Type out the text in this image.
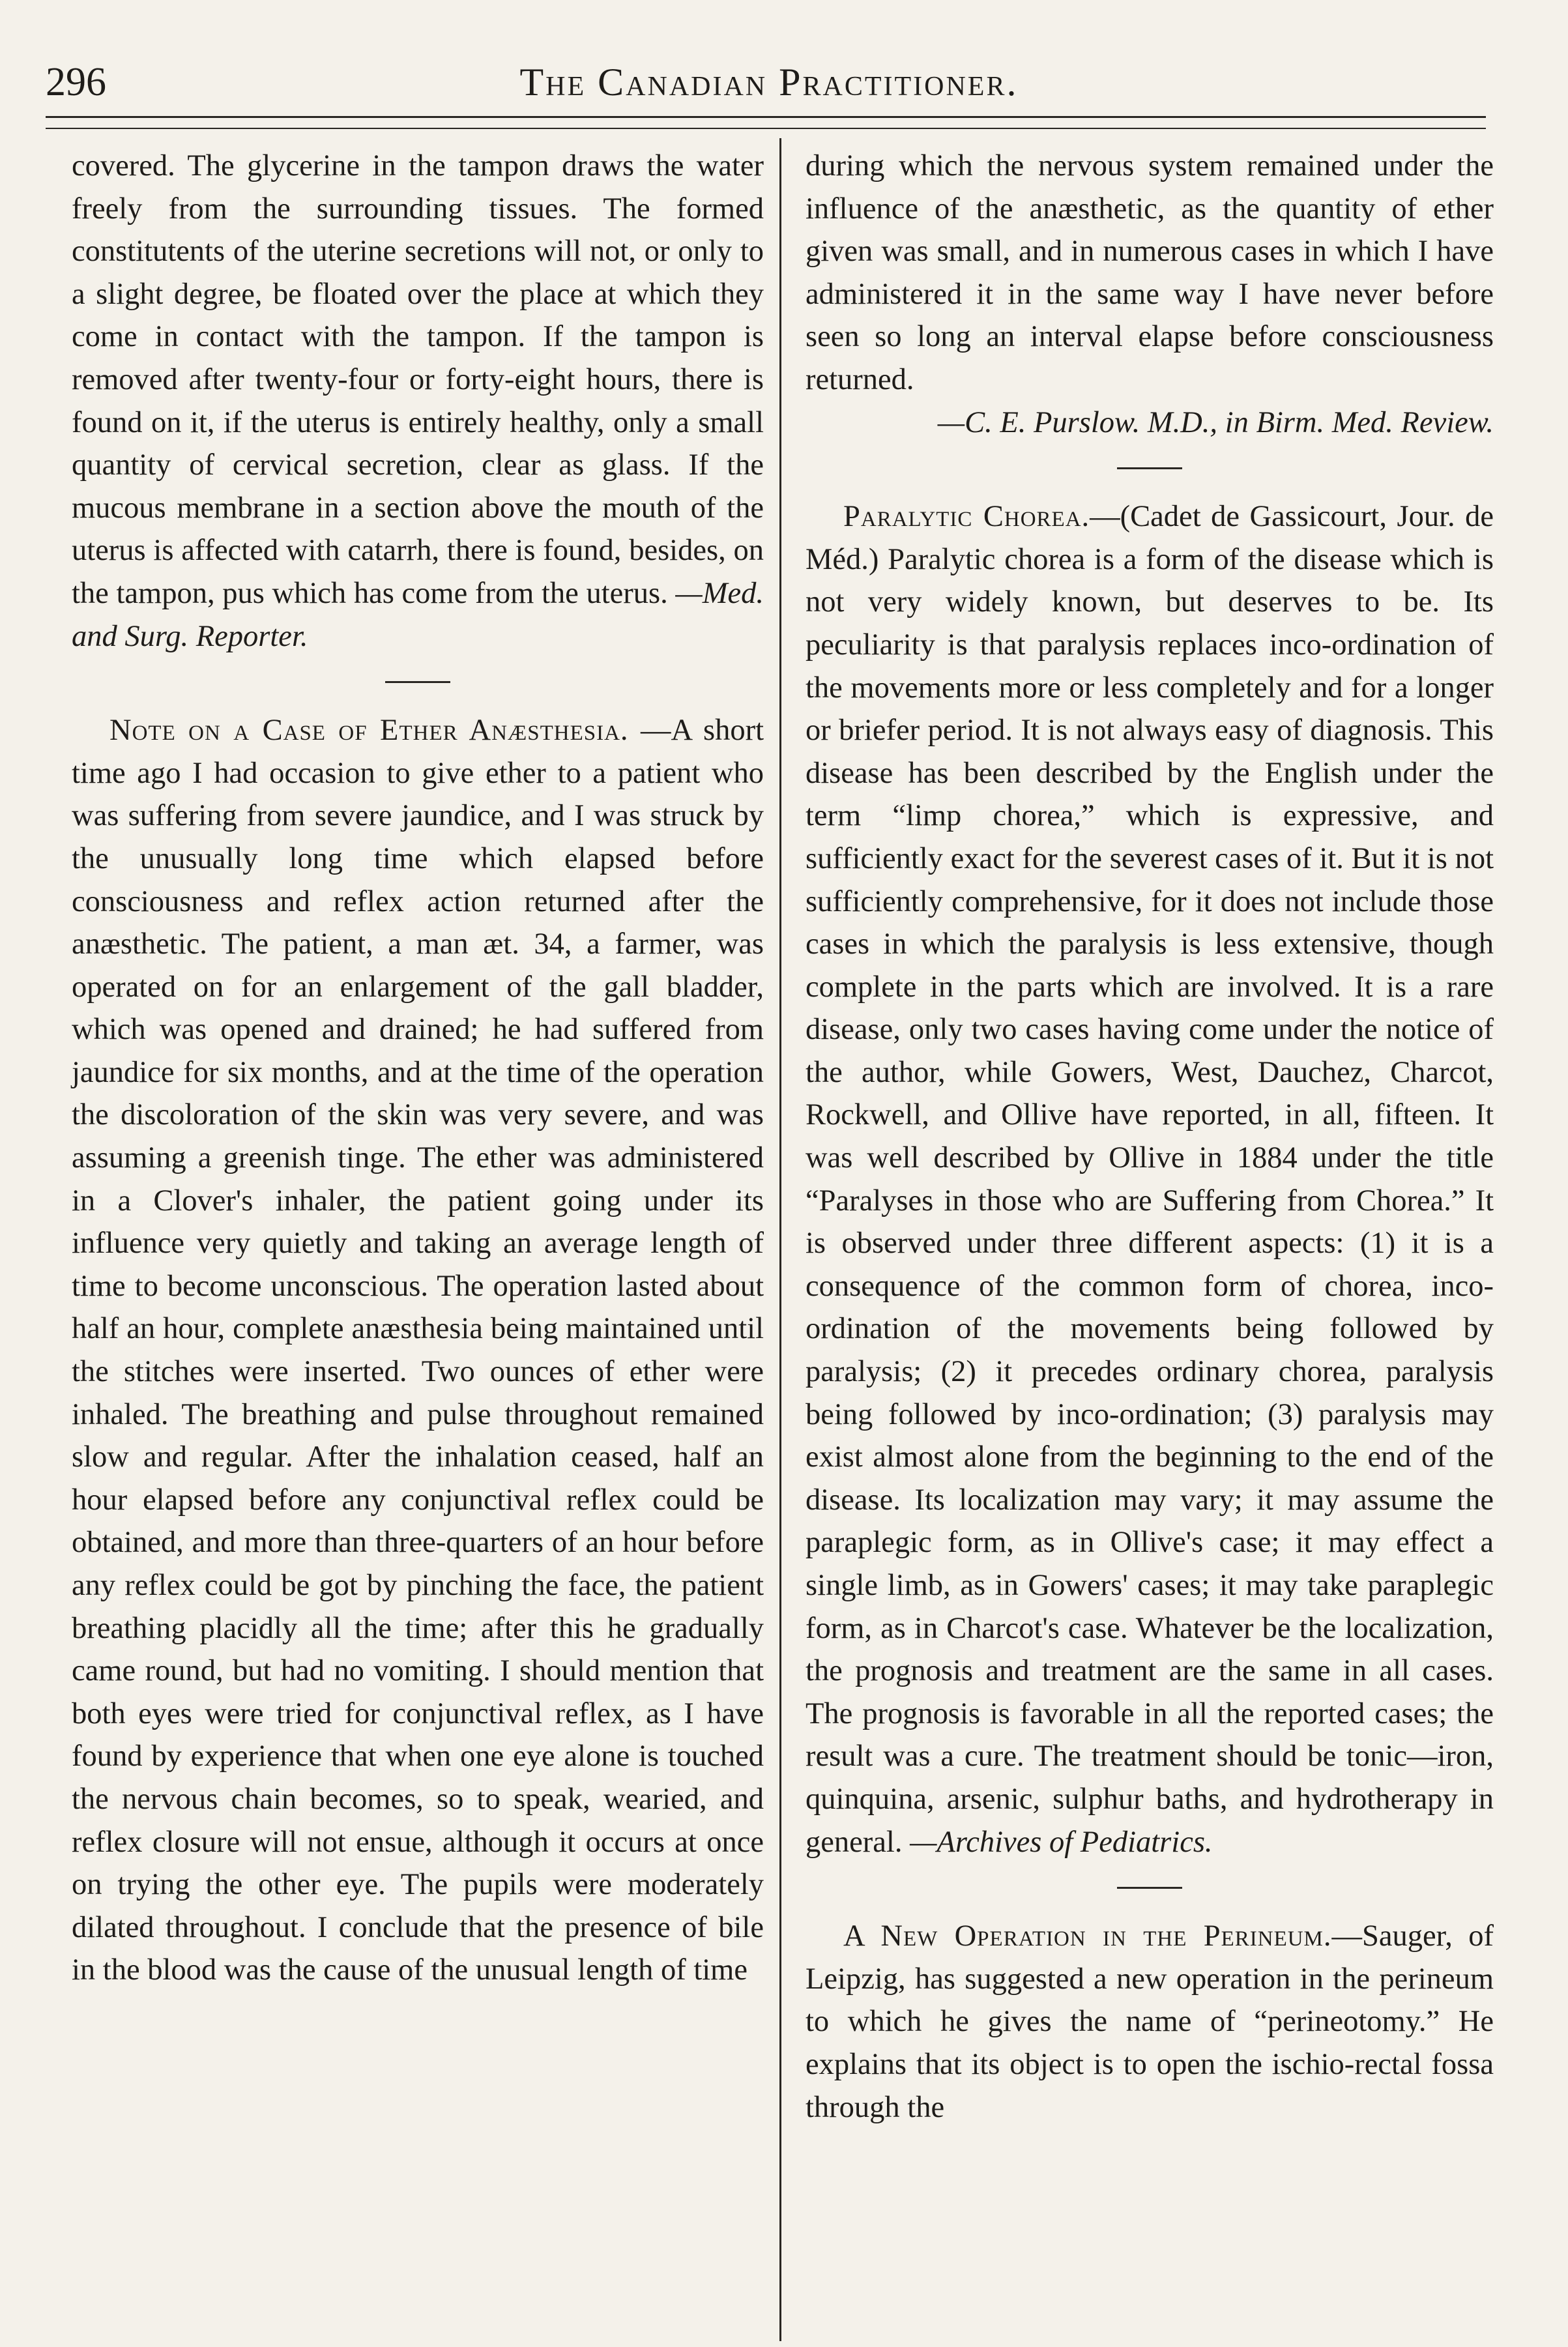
296	The Canadian Practitioner.

covered. The glycerine in the tampon draws the water freely from the surrounding tissues. The formed constitutents of the uterine secretions will not, or only to a slight degree, be floated over the place at which they come in contact with the tampon. If the tampon is removed after twenty-four or forty-eight hours, there is found on it, if the uterus is entirely healthy, only a small quantity of cervical secretion, clear as glass. If the mucous membrane in a section above the mouth of the uterus is affected with catarrh, there is found, besides, on the tampon, pus which has come from the uterus. —Med. and Surg. Reporter.

Note on a Case of Ether Anæsthesia. —A short time ago I had occasion to give ether to a patient who was suffering from severe jaundice, and I was struck by the unusually long time which elapsed before consciousness and reflex action returned after the anæsthetic. The patient, a man æt. 34, a farmer, was operated on for an enlargement of the gall bladder, which was opened and drained; he had suffered from jaundice for six months, and at the time of the operation the discoloration of the skin was very severe, and was assuming a greenish tinge. The ether was administered in a Clover's inhaler, the patient going under its influence very quietly and taking an average length of time to become unconscious. The operation lasted about half an hour, complete anæsthesia being maintained until the stitches were inserted. Two ounces of ether were inhaled. The breathing and pulse throughout remained slow and regular. After the inhalation ceased, half an hour elapsed before any conjunctival reflex could be obtained, and more than three-quarters of an hour before any reflex could be got by pinching the face, the patient breathing placidly all the time; after this he gradually came round, but had no vomiting. I should mention that both eyes were tried for conjunctival reflex, as I have found by experience that when one eye alone is touched the nervous chain becomes, so to speak, wearied, and reflex closure will not ensue, although it occurs at once on trying the other eye. The pupils were moderately dilated throughout. I conclude that the presence of bile in the blood was the cause of the unusual length of time

during which the nervous system remained under the influence of the anæsthetic, as the quantity of ether given was small, and in numerous cases in which I have administered it in the same way I have never before seen so long an interval elapse before consciousness returned.

—C. E. Purslow. M.D., in Birm. Med. Review.

Paralytic Chorea.—(Cadet de Gassicourt, Jour. de Méd.) Paralytic chorea is a form of the disease which is not very widely known, but deserves to be. Its peculiarity is that paralysis replaces inco-ordination of the movements more or less completely and for a longer or briefer period. It is not always easy of diagnosis. This disease has been described by the English under the term “limp chorea,” which is expressive, and sufficiently exact for the severest cases of it. But it is not sufficiently comprehensive, for it does not include those cases in which the paralysis is less extensive, though complete in the parts which are involved. It is a rare disease, only two cases having come under the notice of the author, while Gowers, West, Dauchez, Charcot, Rockwell, and Ollive have reported, in all, fifteen. It was well described by Ollive in 1884 under the title “Paralyses in those who are Suffering from Chorea.” It is observed under three different aspects: (1) it is a consequence of the common form of chorea, inco-ordination of the movements being followed by paralysis; (2) it precedes ordinary chorea, paralysis being followed by inco-ordination; (3) paralysis may exist almost alone from the beginning to the end of the disease. Its localization may vary; it may assume the paraplegic form, as in Ollive's case; it may effect a single limb, as in Gowers' cases; it may take paraplegic form, as in Charcot's case. Whatever be the localization, the prognosis and treatment are the same in all cases. The prognosis is favorable in all the reported cases; the result was a cure. The treatment should be tonic—iron, quinquina, arsenic, sulphur baths, and hydrotherapy in general. —Archives of Pediatrics.

A New Operation in the Perineum.—Sauger, of Leipzig, has suggested a new operation in the perineum to which he gives the name of “perineotomy.” He explains that its object is to open the ischio-rectal fossa through the
